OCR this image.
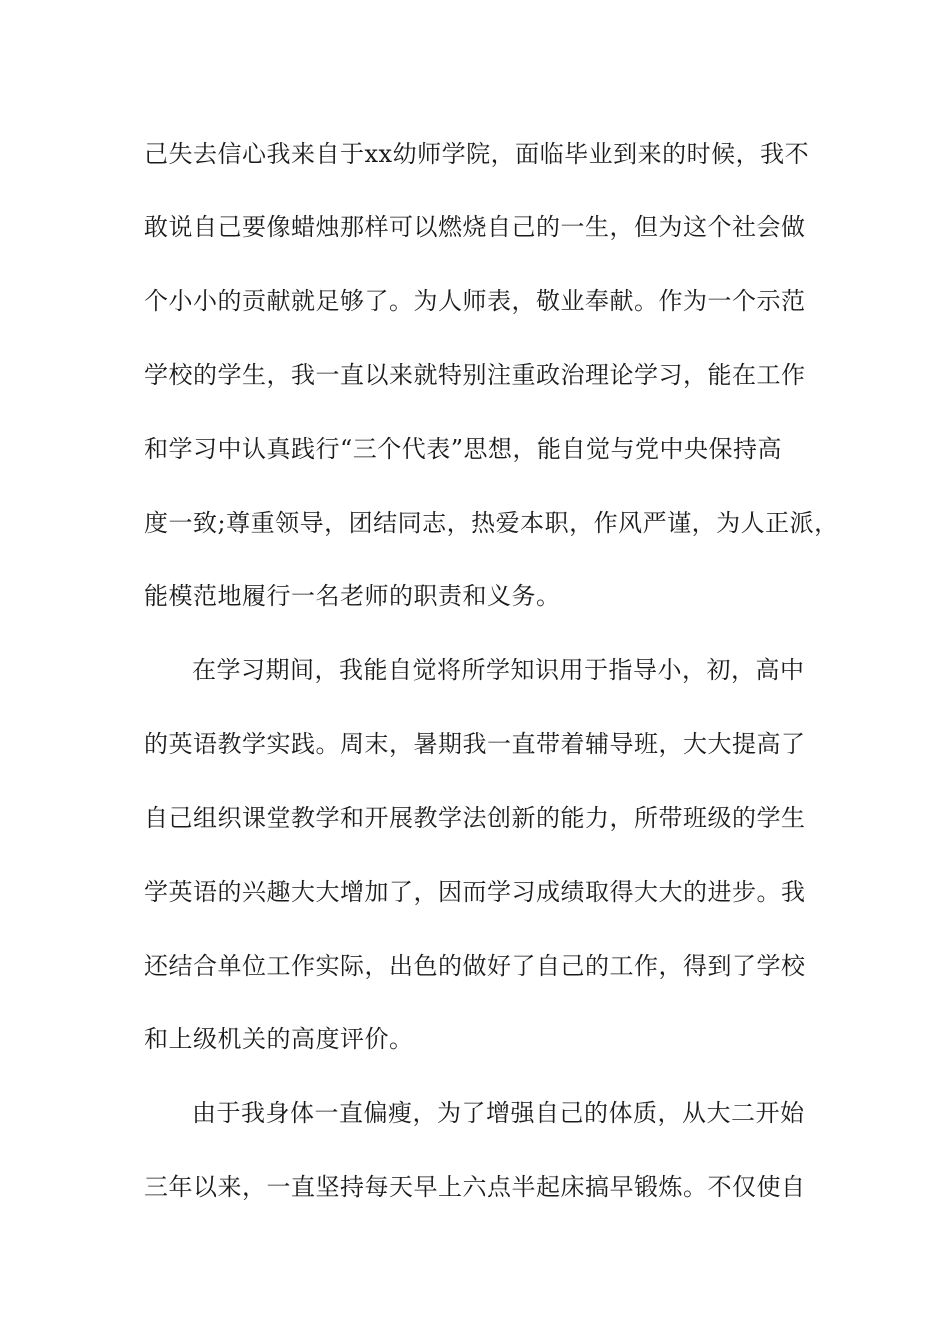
己失去信心我来自于xx幼师学院，面临毕业到来的时候，我不
敢说自己要像蜡烛那样可以燃烧自己的一生，但为这个社会做
个小小的贡献就足够了。为人师表，敬业奉献。作为一个示范
学校的学生，我一直以来就特别注重政治理论学习，能在工作
和学习中认真践行“三个代表”思想，能自觉与党中央保持高
度一致;尊重领导，团结同志，热爱本职，作风严谨，为人正派，
能模范地履行一名老师的职责和义务。
在学习期间，我能自觉将所学知识用于指导小，初，高中
的英语教学实践。周末，暑期我一直带着辅导班，大大提高了
自己组织课堂教学和开展教学法创新的能力，所带班级的学生
学英语的兴趣大大增加了，因而学习成绩取得大大的进步。我
还结合单位工作实际，出色的做好了自己的工作，得到了学校
和上级机关的高度评价。
由于我身体一直偏瘦，为了增强自己的体质，从大二开始
三年以来，一直坚持每天早上六点半起床搞早锻炼。不仅使自
